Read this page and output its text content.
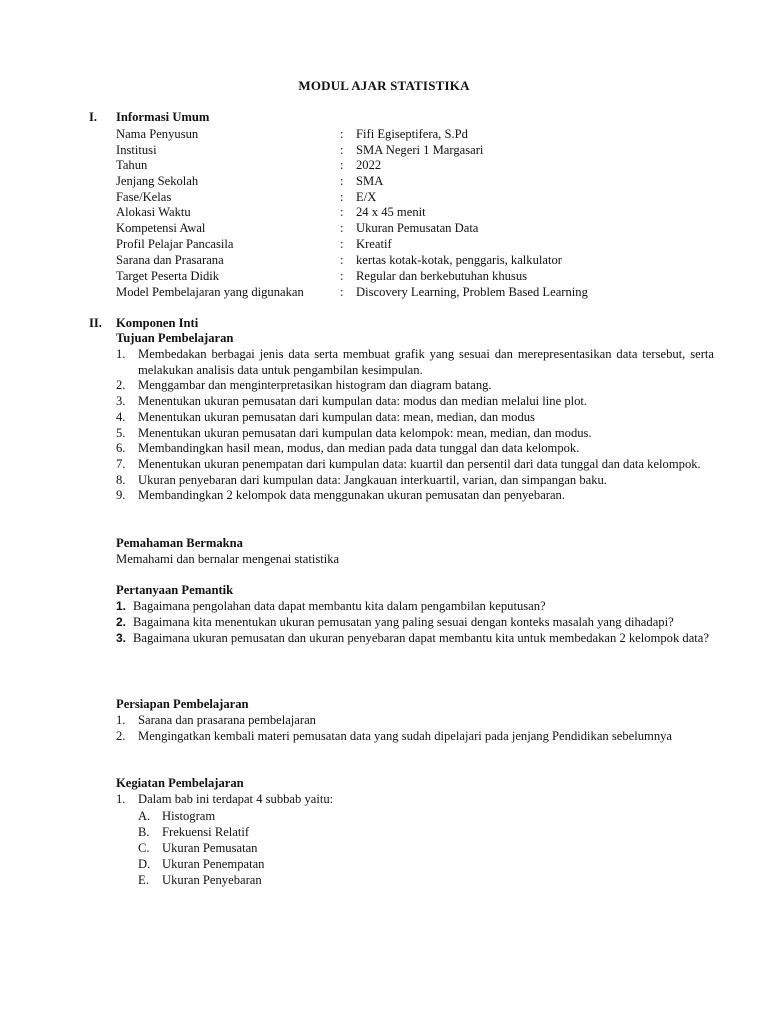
MODUL AJAR STATISTIKA
I. Informasi Umum
Nama Penyusun	: Fifi Egiseptifera, S.Pd
Institusi	: SMA Negeri 1 Margasari
Tahun	: 2022
Jenjang Sekolah	: SMA
Fase/Kelas	: E/X
Alokasi Waktu	: 24 x 45 menit
Kompetensi Awal	: Ukuran Pemusatan Data
Profil Pelajar Pancasila	: Kreatif
Sarana dan Prasarana	: kertas kotak-kotak, penggaris, kalkulator
Target Peserta Didik	: Regular dan berkebutuhan khusus
Model Pembelajaran yang digunakan	: Discovery Learning, Problem Based Learning
II. Komponen Inti
Tujuan Pembelajaran
1. Membedakan berbagai jenis data serta membuat grafik yang sesuai dan merepresentasikan data tersebut, serta melakukan analisis data untuk pengambilan kesimpulan.
2. Menggambar dan menginterpretasikan histogram dan diagram batang.
3. Menentukan ukuran pemusatan dari kumpulan data: modus dan median melalui line plot.
4. Menentukan ukuran pemusatan dari kumpulan data: mean, median, dan modus
5. Menentukan ukuran pemusatan dari kumpulan data kelompok: mean, median, dan modus.
6. Membandingkan hasil mean, modus, dan median pada data tunggal dan data kelompok.
7. Menentukan ukuran penempatan dari kumpulan data: kuartil dan persentil dari data tunggal dan data kelompok.
8. Ukuran penyebaran dari kumpulan data: Jangkauan interkuartil, varian, dan simpangan baku.
9. Membandingkan 2 kelompok data menggunakan ukuran pemusatan dan penyebaran.
Pemahaman Bermakna
Memahami dan bernalar mengenai statistika
Pertanyaan Pemantik
1. Bagaimana pengolahan data dapat membantu kita dalam pengambilan keputusan?
2. Bagaimana kita menentukan ukuran pemusatan yang paling sesuai dengan konteks masalah yang dihadapi?
3. Bagaimana ukuran pemusatan dan ukuran penyebaran dapat membantu kita untuk membedakan 2 kelompok data?
Persiapan Pembelajaran
1. Sarana dan prasarana pembelajaran
2. Mengingatkan kembali materi pemusatan data yang sudah dipelajari pada jenjang Pendidikan sebelumnya
Kegiatan Pembelajaran
1. Dalam bab ini terdapat 4 subbab yaitu:
A. Histogram
B. Frekuensi Relatif
C. Ukuran Pemusatan
D. Ukuran Penempatan
E. Ukuran Penyebaran
